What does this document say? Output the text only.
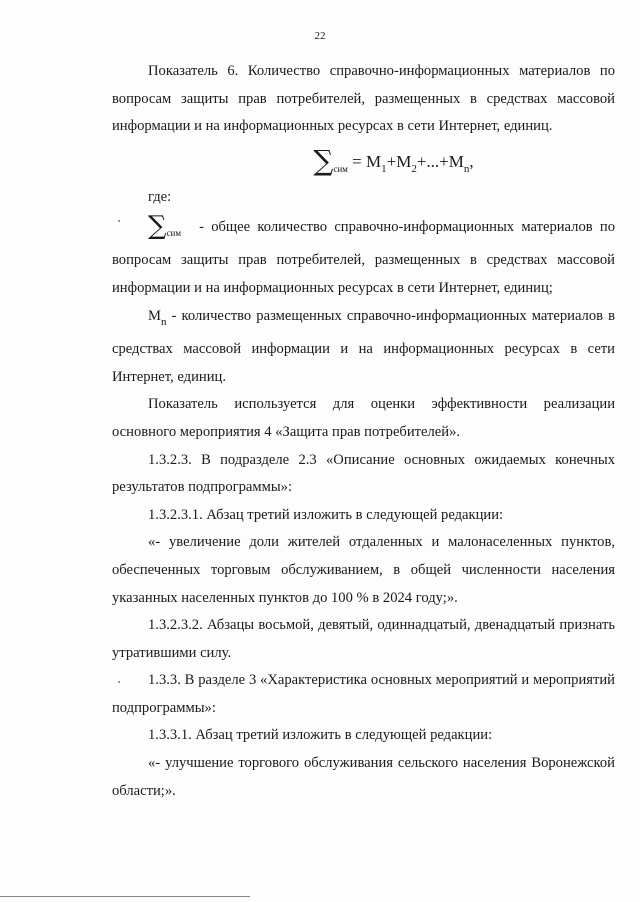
22

Показатель 6. Количество справочно-информационных материалов по вопросам защиты прав потребителей, размещенных в средствах массовой информации и на информационных ресурсах в сети Интернет, единиц.

$\sum_{сим} = M_1+M_2+...+M_n$,

где:

$\sum_{сим}$ - общее количество справочно-информационных материалов по вопросам защиты прав потребителей, размещенных в средствах массовой информации и на информационных ресурсах в сети Интернет, единиц;

$M_n$ - количество размещенных справочно-информационных материалов в средствах массовой информации и на информационных ресурсах в сети Интернет, единиц.

Показатель используется для оценки эффективности реализации основного мероприятия 4 «Защита прав потребителей».

1.3.2.3. В подразделе 2.3 «Описание основных ожидаемых конечных результатов подпрограммы»:

1.3.2.3.1. Абзац третий изложить в следующей редакции:

«- увеличение доли жителей отдаленных и малонаселенных пунктов, обеспеченных торговым обслуживанием, в общей численности населения указанных населенных пунктов до 100 % в 2024 году;».

1.3.2.3.2. Абзацы восьмой, девятый, одиннадцатый, двенадцатый признать утратившими силу.

1.3.3. В разделе 3 «Характеристика основных мероприятий и мероприятий подпрограммы»:

1.3.3.1. Абзац третий изложить в следующей редакции:

«- улучшение торгового обслуживания сельского населения Воронежской области;».
